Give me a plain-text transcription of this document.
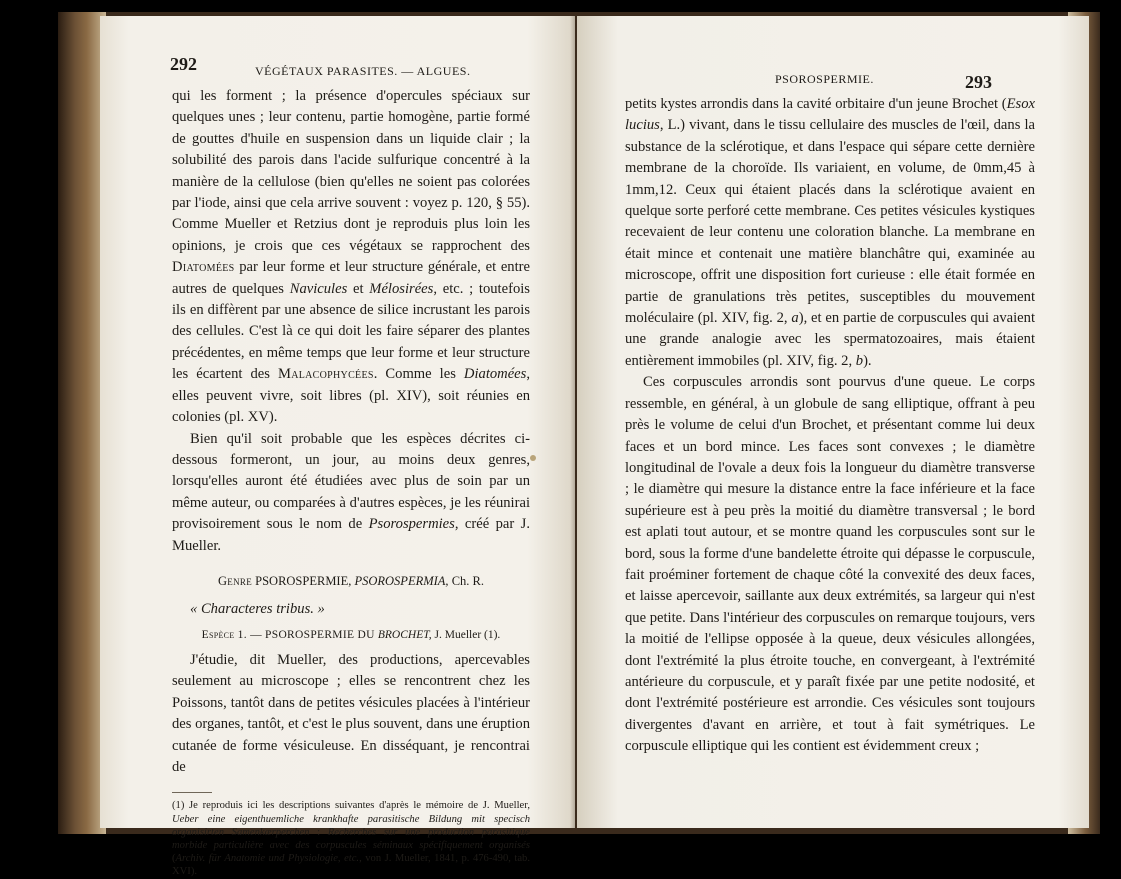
292	VÉGÉTAUX PARASITES. — ALGUES.

qui les forment ; la présence d'opercules spéciaux sur quelques unes ; leur contenu, partie homogène, partie formé de gouttes d'huile en suspension dans un liquide clair ; la solubilité des parois dans l'acide sulfurique concentré à la manière de la cellulose (bien qu'elles ne soient pas colorées par l'iode, ainsi que cela arrive souvent : voyez p. 120, § 55). Comme Mueller et Retzius dont je reproduis plus loin les opinions, je crois que ces végétaux se rapprochent des Diatomées par leur forme et leur structure générale, et entre autres de quelques Navicules et Mélosirées, etc. ; toutefois ils en diffèrent par une absence de silice incrustant les parois des cellules. C'est là ce qui doit les faire séparer des plantes précédentes, en même temps que leur forme et leur structure les écartent des Malacophycées. Comme les Diatomées, elles peuvent vivre, soit libres (pl. XIV), soit réunies en colonies (pl. XV).

Bien qu'il soit probable que les espèces décrites ci-dessous formeront, un jour, au moins deux genres, lorsqu'elles auront été étudiées avec plus de soin par un même auteur, ou comparées à d'autres espèces, je les réunirai provisoirement sous le nom de Psorospermies, créé par J. Mueller.

Genre PSOROSPERMIE, PSOROSPERMIA, Ch. R.
« Characteres tribus. »
Espèce 1. — PSOROSPERMIE DU BROCHET, J. Mueller (1).

J'étudie, dit Mueller, des productions, apercevables seulement au microscope ; elles se rencontrent chez les Poissons, tantôt dans de petites vésicules placées à l'intérieur des organes, tantôt, et c'est le plus souvent, dans une éruption cutanée de forme vésiculeuse. En disséquant, je rencontrai de

(1) Je reproduis ici les descriptions suivantes d'après le mémoire de J. Mueller, Ueber eine eigenthuemliche krankhafte parasitische Bildung mit specisch organisirten Samenkærperchen : Recherches sur une production parasitique morbide particulière avec des corpuscules séminaux spécifiquement organisés (Archiv. für Anatomie und Physiologie, etc., von J. Mueller, 1841, p. 476-490, tab. XVI).

PSOROSPERMIE.	293

petits kystes arrondis dans la cavité orbitaire d'un jeune Brochet (Esox lucius, L.) vivant, dans le tissu cellulaire des muscles de l'œil, dans la substance de la sclérotique, et dans l'espace qui sépare cette dernière membrane de la choroïde. Ils variaient, en volume, de 0mm,45 à 1mm,12. Ceux qui étaient placés dans la sclérotique avaient en quelque sorte perforé cette membrane. Ces petites vésicules kystiques recevaient de leur contenu une coloration blanche. La membrane en était mince et contenait une matière blanchâtre qui, examinée au microscope, offrit une disposition fort curieuse : elle était formée en partie de granulations très petites, susceptibles du mouvement moléculaire (pl. XIV, fig. 2, a), et en partie de corpuscules qui avaient une grande analogie avec les spermatozoaires, mais étaient entièrement immobiles (pl. XIV, fig. 2, b).

Ces corpuscules arrondis sont pourvus d'une queue. Le corps ressemble, en général, à un globule de sang elliptique, offrant à peu près le volume de celui d'un Brochet, et présentant comme lui deux faces et un bord mince. Les faces sont convexes ; le diamètre longitudinal de l'ovale a deux fois la longueur du diamètre transverse ; le diamètre qui mesure la distance entre la face inférieure et la face supérieure est à peu près la moitié du diamètre transversal ; le bord est aplati tout autour, et se montre quand les corpuscules sont sur le bord, sous la forme d'une bandelette étroite qui dépasse le corpuscule, fait proéminer fortement de chaque côté la convexité des deux faces, et laisse apercevoir, saillante aux deux extrémités, sa largeur qui n'est que petite. Dans l'intérieur des corpuscules on remarque toujours, vers la moitié de l'ellipse opposée à la queue, deux vésicules allongées, dont l'extrémité la plus étroite touche, en convergeant, à l'extrémité antérieure du corpuscule, et y paraît fixée par une petite nodosité, et dont l'extrémité postérieure est arrondie. Ces vésicules sont toujours divergentes d'avant en arrière, et tout à fait symétriques. Le corpuscule elliptique qui les contient est évidemment creux ;
